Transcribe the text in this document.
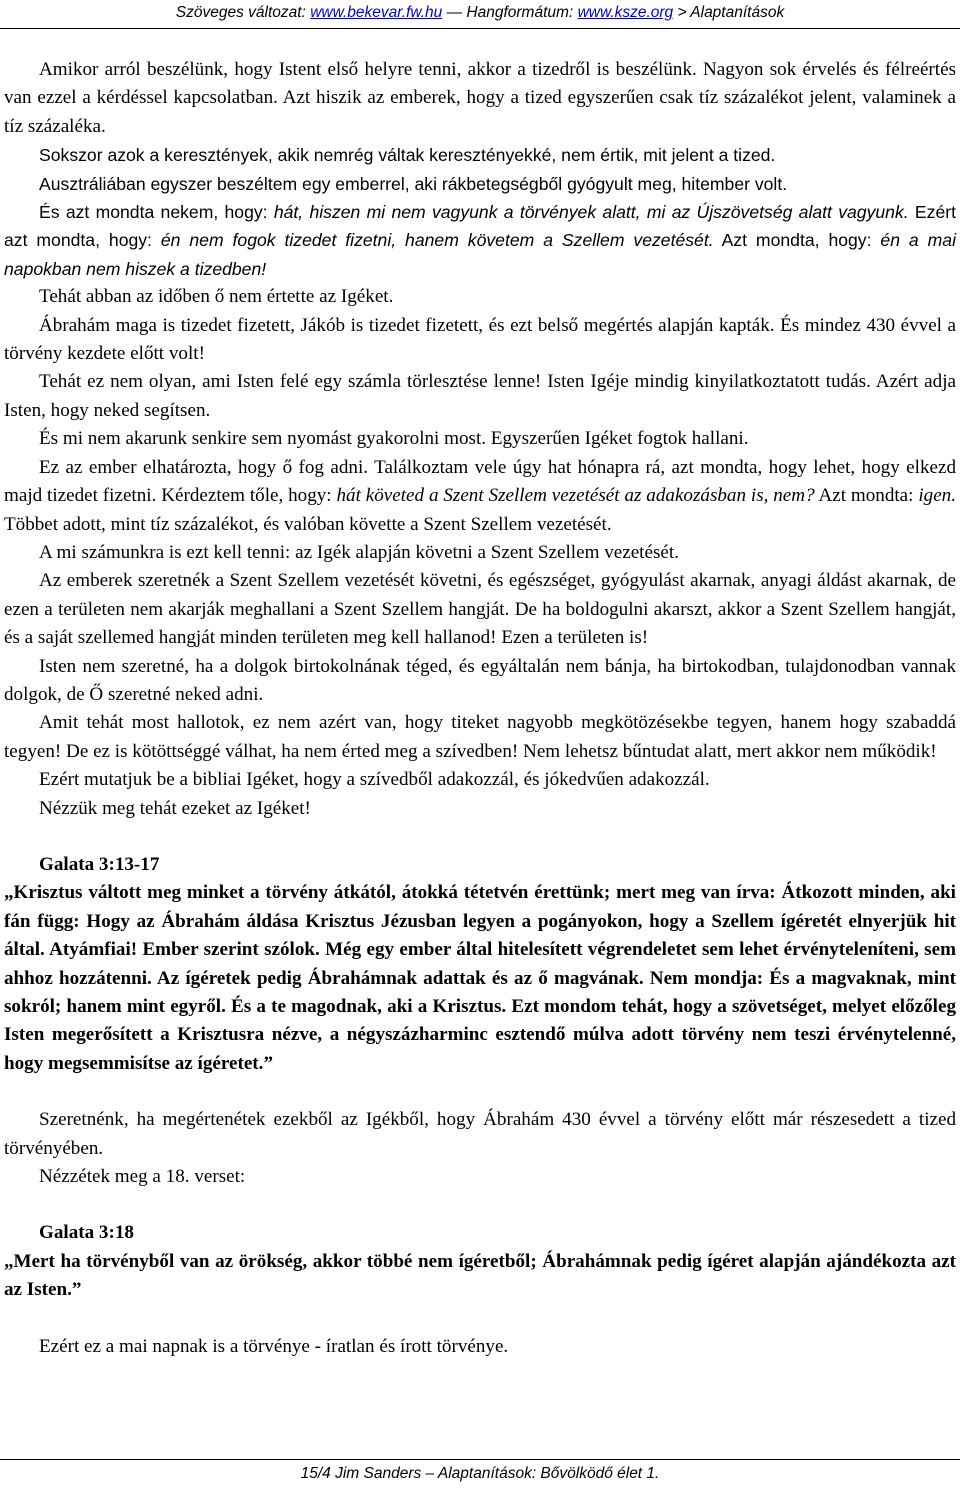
Szöveges változat: www.bekevar.fw.hu — Hangformátum: www.ksze.org > Alaptanítások

Amikor arról beszélünk, hogy Istent első helyre tenni, akkor a tizedről is beszélünk. Nagyon sok érvelés és félreértés van ezzel a kérdéssel kapcsolatban. Azt hiszik az emberek, hogy a tized egyszerűen csak tíz százalékot jelent, valaminek a tíz százaléka.

Sokszor azok a keresztények, akik nemrég váltak keresztényekké, nem értik, mit jelent a tized.

Ausztráliában egyszer beszéltem egy emberrel, aki rákbetegségből gyógyult meg, hitember volt.

És azt mondta nekem, hogy: hát, hiszen mi nem vagyunk a törvények alatt, mi az Újszövetség alatt vagyunk. Ezért azt mondta, hogy: én nem fogok tizedet fizetni, hanem követem a Szellem vezetését. Azt mondta, hogy: én a mai napokban nem hiszek a tizedben!

Tehát abban az időben ő nem értette az Igéket.

Ábrahám maga is tizedet fizetett, Jákób is tizedet fizetett, és ezt belső megértés alapján kapták. És mindez 430 évvel a törvény kezdete előtt volt!

Tehát ez nem olyan, ami Isten felé egy számla törlesztése lenne! Isten Igéje mindig kinyilatkoztatott tudás. Azért adja Isten, hogy neked segítsen.

És mi nem akarunk senkire sem nyomást gyakorolni most. Egyszerűen Igéket fogtok hallani.

Ez az ember elhatározta, hogy ő fog adni. Találkoztam vele úgy hat hónapra rá, azt mondta, hogy lehet, hogy elkezd majd tizedet fizetni. Kérdeztem tőle, hogy: hát követed a Szent Szellem vezetését az adakozásban is, nem? Azt mondta: igen. Többet adott, mint tíz százalékot, és valóban követte a Szent Szellem vezetését.

A mi számunkra is ezt kell tenni: az Igék alapján követni a Szent Szellem vezetését.

Az emberek szeretnék a Szent Szellem vezetését követni, és egészséget, gyógyulást akarnak, anyagi áldást akarnak, de ezen a területen nem akarják meghallani a Szent Szellem hangját. De ha boldogulni akarszt, akkor a Szent Szellem hangját, és a saját szellemed hangját minden területen meg kell hallanod! Ezen a területen is!

Isten nem szeretné, ha a dolgok birtokolnának téged, és egyáltalán nem bánja, ha birtokodban, tulajdonodban vannak dolgok, de Ő szeretné neked adni.

Amit tehát most hallotok, ez nem azért van, hogy titeket nagyobb megkötözésekbe tegyen, hanem hogy szabaddá tegyen! De ez is kötöttséggé válhat, ha nem érted meg a szívedben! Nem lehetsz bűntudat alatt, mert akkor nem működik!

Ezért mutatjuk be a bibliai Igéket, hogy a szívedből adakozzál, és jókedvűen adakozzál.

Nézzük meg tehát ezeket az Igéket!

Galata 3:13-17

„Krisztus váltott meg minket a törvény átkától, átokká tétetvén érettünk; mert meg van írva: Átkozott minden, aki fán függ: Hogy az Ábrahám áldása Krisztus Jézusban legyen a pogányokon, hogy a Szellem ígéretét elnyerjük hit által. Atyámfiai! Ember szerint szólok. Még egy ember által hitelesített végrendeletet sem lehet érvényteleníteni, sem ahhoz hozzátenni. Az ígéretek pedig Ábrahámnak adattak és az ő magvának. Nem mondja: És a magvaknak, mint sokról; hanem mint egyről. És a te magodnak, aki a Krisztus. Ezt mondom tehát, hogy a szövetséget, melyet előzőleg Isten megerősített a Krisztusra nézve, a négyszázharminc esztendő múlva adott törvény nem teszi érvénytelenné, hogy megsemmisítse az ígéretet.”

Szeretnénk, ha megértenétek ezekből az Igékből, hogy Ábrahám 430 évvel a törvény előtt már részesedett a tized törvényében.

Nézzétek meg a 18. verset:

Galata 3:18

„Mert ha törvényből van az örökség, akkor többé nem ígéretből; Ábrahámnak pedig ígéret alapján ajándékozta azt az Isten.”

Ezért ez a mai napnak is a törvénye - íratlan és írott törvénye.

15/4 Jim Sanders – Alaptanítások: Bővölködő élet 1.
